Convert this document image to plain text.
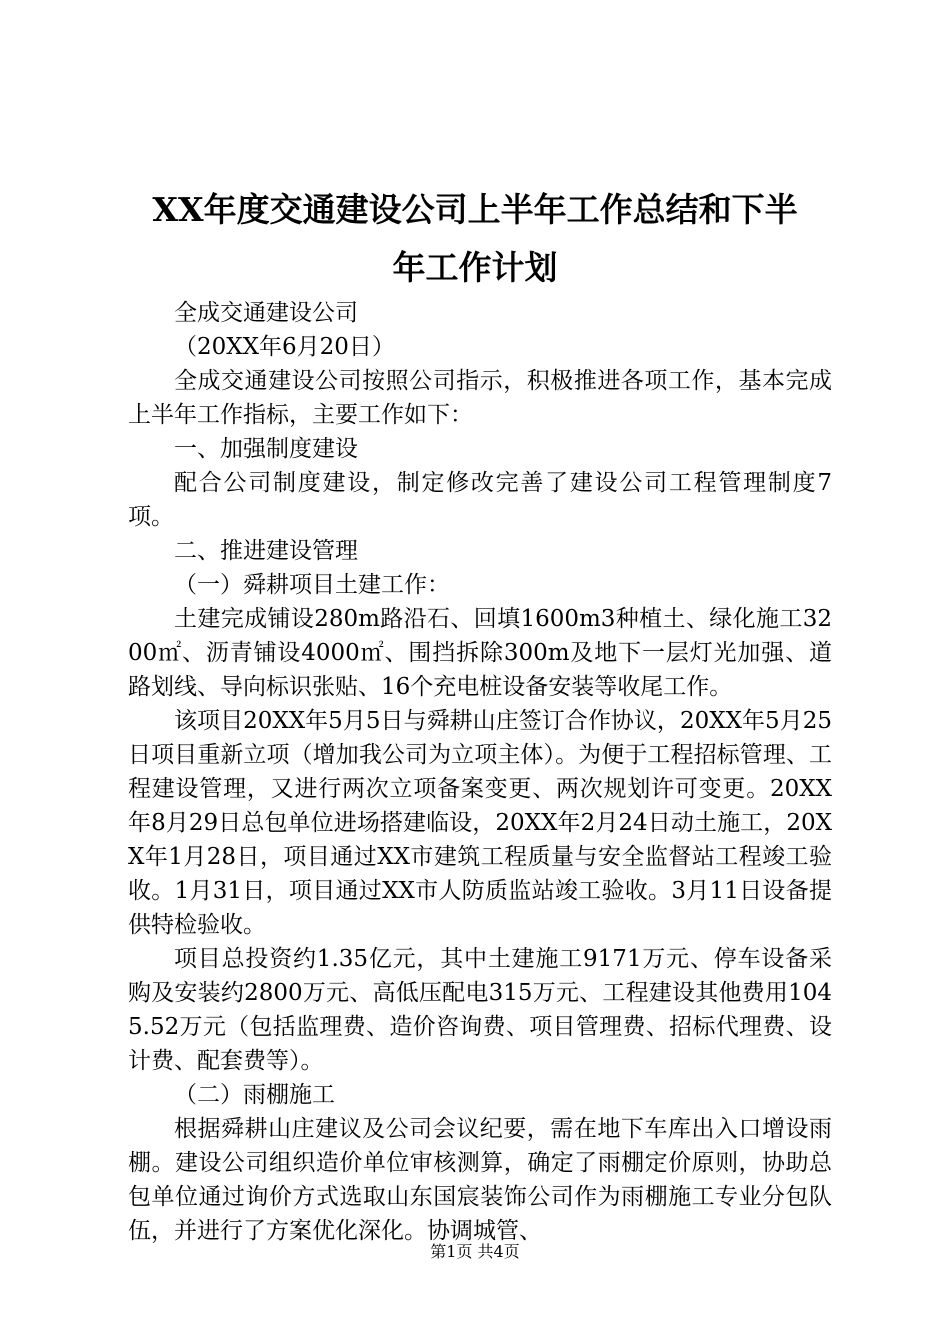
XX年度交通建设公司上半年工作总结和下半
年工作计划

全成交通建设公司

（20XX年6月20日）

全成交通建设公司按照公司指示，积极推进各项工作，基本完成上半年工作指标，主要工作如下：

一、加强制度建设

配合公司制度建设，制定修改完善了建设公司工程管理制度7项。

二、推进建设管理

（一）舜耕项目土建工作：

土建完成铺设280m路沿石、回填1600m3种植土、绿化施工3200㎡、沥青铺设4000㎡、围挡拆除300m及地下一层灯光加强、道路划线、导向标识张贴、16个充电桩设备安装等收尾工作。

该项目20XX年5月5日与舜耕山庄签订合作协议，20XX年5月25日项目重新立项（增加我公司为立项主体）。为便于工程招标管理、工程建设管理，又进行两次立项备案变更、两次规划许可变更。20XX年8月29日总包单位进场搭建临设，20XX年2月24日动土施工，20XX年1月28日，项目通过XX市建筑工程质量与安全监督站工程竣工验收。1月31日，项目通过XX市人防质监站竣工验收。3月11日设备提供特检验收。

项目总投资约1.35亿元，其中土建施工9171万元、停车设备采购及安装约2800万元、高低压配电315万元、工程建设其他费用1045.52万元（包括监理费、造价咨询费、项目管理费、招标代理费、设计费、配套费等）。

（二）雨棚施工

根据舜耕山庄建议及公司会议纪要，需在地下车库出入口增设雨棚。建设公司组织造价单位审核测算，确定了雨棚定价原则，协助总包单位通过询价方式选取山东国宸装饰公司作为雨棚施工专业分包队伍，并进行了方案优化深化。协调城管、

第1页 共4页
